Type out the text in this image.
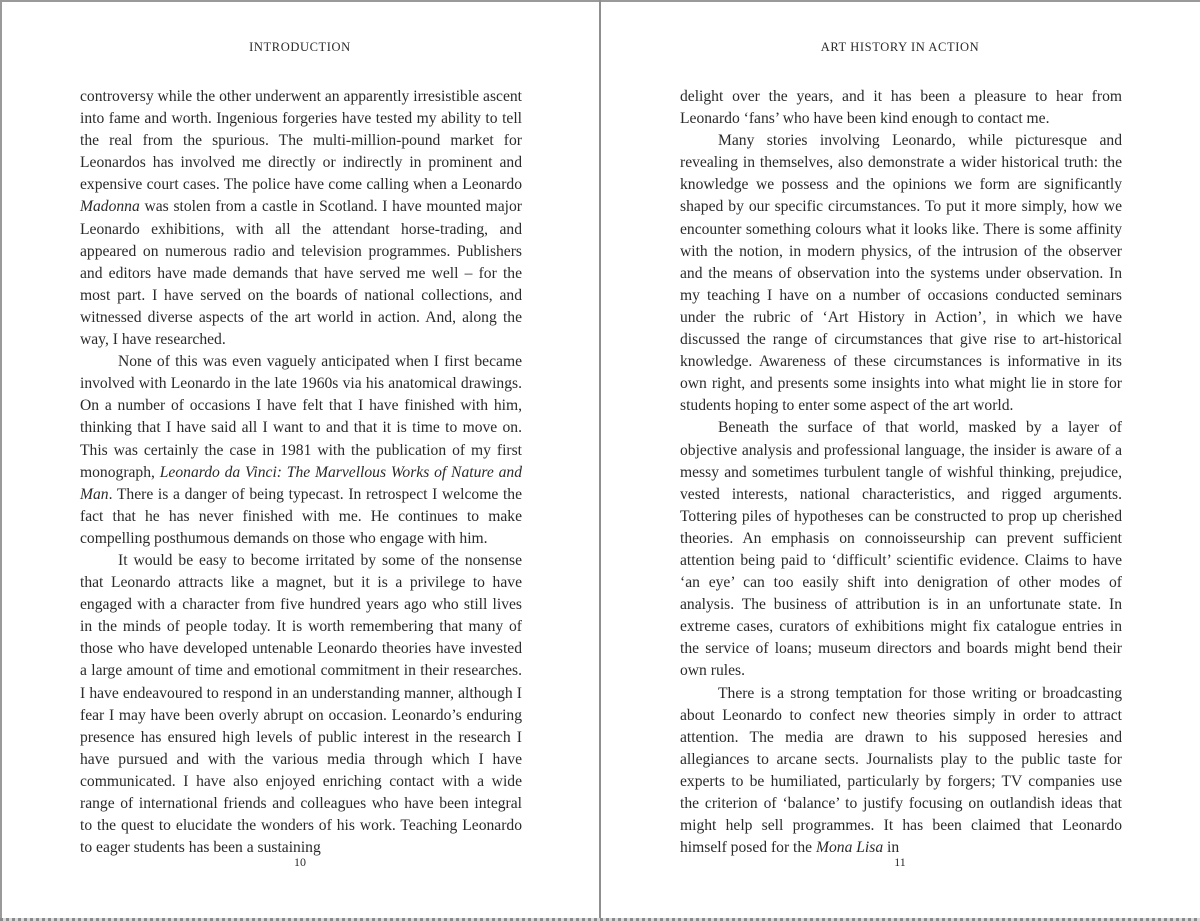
INTRODUCTION

controversy while the other underwent an apparently irresistible ascent into fame and worth. Ingenious forgeries have tested my ability to tell the real from the spurious. The multi-million-pound market for Leonardos has involved me directly or indirectly in prominent and expensive court cases. The police have come calling when a Leonardo Madonna was stolen from a castle in Scotland. I have mounted major Leonardo exhibitions, with all the attendant horse-trading, and appeared on numerous radio and television programmes. Publishers and editors have made demands that have served me well – for the most part. I have served on the boards of national collections, and witnessed diverse aspects of the art world in action. And, along the way, I have researched.

None of this was even vaguely anticipated when I first became involved with Leonardo in the late 1960s via his anatomical drawings. On a number of occasions I have felt that I have finished with him, thinking that I have said all I want to and that it is time to move on. This was certainly the case in 1981 with the publication of my first monograph, Leonardo da Vinci: The Marvellous Works of Nature and Man. There is a danger of being typecast. In retrospect I welcome the fact that he has never finished with me. He continues to make compelling posthumous demands on those who engage with him.

It would be easy to become irritated by some of the nonsense that Leonardo attracts like a magnet, but it is a privilege to have engaged with a character from five hundred years ago who still lives in the minds of people today. It is worth remembering that many of those who have developed untenable Leonardo theories have invested a large amount of time and emotional commitment in their researches. I have endeavoured to respond in an understanding manner, although I fear I may have been overly abrupt on occasion. Leonardo’s enduring presence has ensured high levels of public interest in the research I have pursued and with the various media through which I have communicated. I have also enjoyed enriching contact with a wide range of international friends and colleagues who have been integral to the quest to elucidate the wonders of his work. Teaching Leonardo to eager students has been a sustaining

10
ART HISTORY IN ACTION

delight over the years, and it has been a pleasure to hear from Leonardo ‘fans’ who have been kind enough to contact me.

Many stories involving Leonardo, while picturesque and revealing in themselves, also demonstrate a wider historical truth: the knowledge we possess and the opinions we form are significantly shaped by our specific circumstances. To put it more simply, how we encounter something colours what it looks like. There is some affinity with the notion, in modern physics, of the intrusion of the observer and the means of observation into the systems under observation. In my teaching I have on a number of occasions conducted seminars under the rubric of ‘Art History in Action’, in which we have discussed the range of circumstances that give rise to art-historical knowledge. Awareness of these circumstances is informative in its own right, and presents some insights into what might lie in store for students hoping to enter some aspect of the art world.

Beneath the surface of that world, masked by a layer of objective analysis and professional language, the insider is aware of a messy and sometimes turbulent tangle of wishful thinking, prejudice, vested interests, national characteristics, and rigged arguments. Tottering piles of hypotheses can be constructed to prop up cherished theories. An emphasis on connoisseurship can prevent sufficient attention being paid to ‘difficult’ scientific evidence. Claims to have ‘an eye’ can too easily shift into denigration of other modes of analysis. The business of attribution is in an unfortunate state. In extreme cases, curators of exhibitions might fix catalogue entries in the service of loans; museum directors and boards might bend their own rules.

There is a strong temptation for those writing or broadcasting about Leonardo to confect new theories simply in order to attract attention. The media are drawn to his supposed heresies and allegiances to arcane sects. Journalists play to the public taste for experts to be humiliated, particularly by forgers; TV companies use the criterion of ‘balance’ to justify focusing on outlandish ideas that might help sell programmes. It has been claimed that Leonardo himself posed for the Mona Lisa in

11
